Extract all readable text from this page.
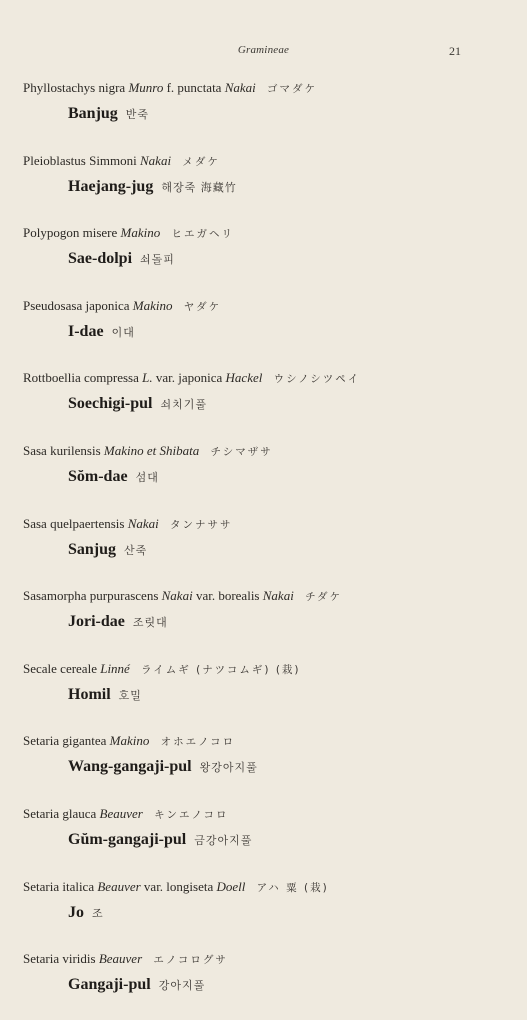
Gramineae	21
Phyllostachys nigra Munro f. punctata Nakai ゴマダケ
Banjug 반죽
Pleioblastus Simmoni Nakai メダケ
Haejang-jug 해장죽 海藏竹
Polypogon misere Makino ヒエガヘリ
Sae-dolpi 쇠돌피
Pseudosasa japonica Makino ヤダケ
I-dae 이대
Rottboellia compressa L. var. japonica Hackel ウシノシツペイ
Soechigi-pul 쇠치기풀
Sasa kurilensis Makino et Shibata チシマザサ
Sŏm-dae 섬대
Sasa quelpaertensis Nakai タンナササ
Sanjug 산죽
Sasamorpha purpurascens Nakai var. borealis Nakai チダケ
Jori-dae 조릿대
Secale cereale Linné ライムギ (ナツコムギ) (栽)
Homil 호밀
Setaria gigantea Makino オホエノコロ
Wang-gangaji-pul 왕강아지풀
Setaria glauca Beauver キンエノコロ
Gŭm-gangaji-pul 금강아지풀
Setaria italica Beauver var. longiseta Doell アハ 粟 (栽)
Jo 조
Setaria viridis Beauver エノコログサ
Gangaji-pul 강아지풀
